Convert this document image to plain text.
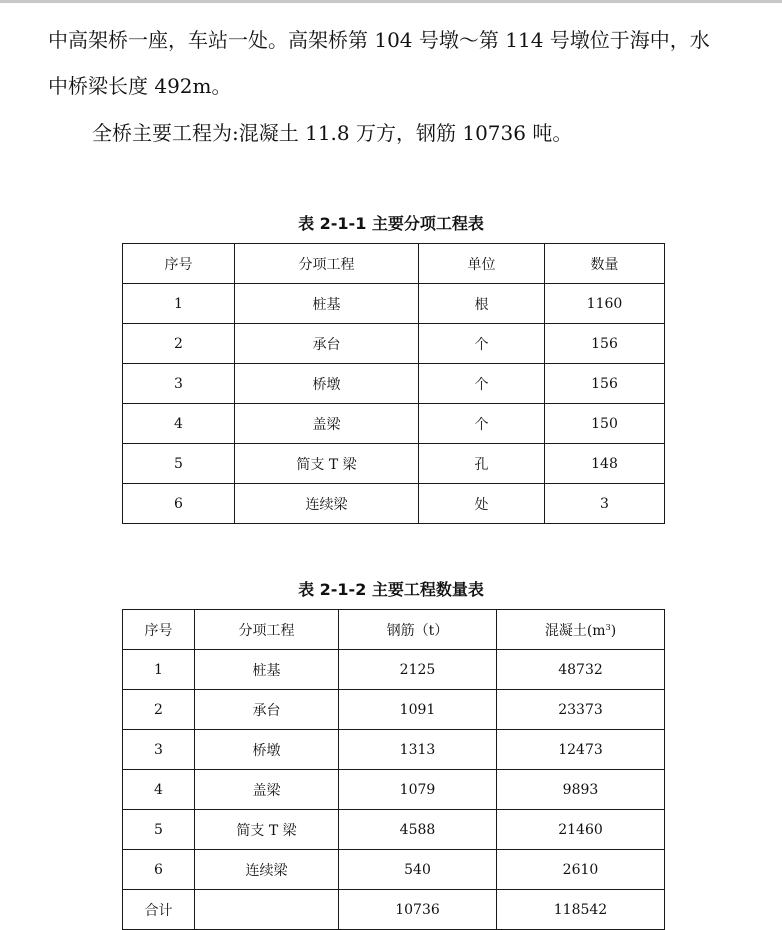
中高架桥一座，车站一处。高架桥第 104 号墩～第 114 号墩位于海中，水

中桥梁长度 492m。

全桥主要工程为:混凝土 11.8 万方，钢筋 10736 吨。

表 2-1-1 主要分项工程表
序号	分项工程	单位	数量
1	桩基	根	1160
2	承台	个	156
3	桥墩	个	156
4	盖梁	个	150
5	简支 T 梁	孔	148
6	连续梁	处	3
表 2-1-2 主要工程数量表
序号	分项工程	钢筋（t）	混凝土$(m^3)$
1	桩基	2125	48732
2	承台	1091	23373
3	桥墩	1313	12473
4	盖梁	1079	9893
5	简支 T 梁	4588	21460
6	连续梁	540	2610
合计		10736	118542
